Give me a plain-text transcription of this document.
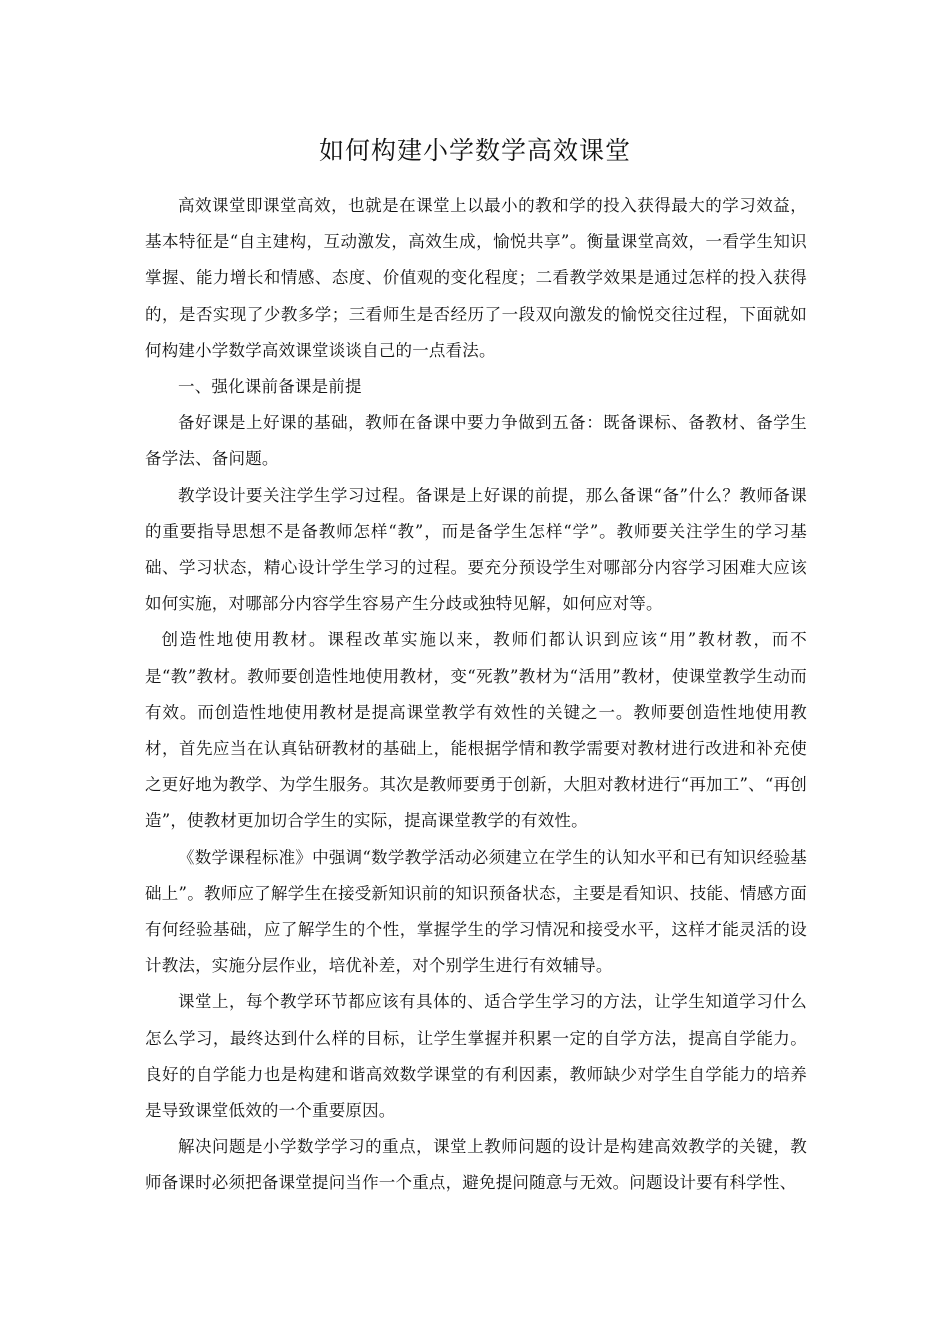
如何构建小学数学高效课堂

高效课堂即课堂高效，也就是在课堂上以最小的教和学的投入获得最大的学习效益，基本特征是“自主建构，互动激发，高效生成，愉悦共享”。衡量课堂高效，一看学生知识掌握、能力增长和情感、态度、价值观的变化程度；二看教学效果是通过怎样的投入获得的，是否实现了少教多学；三看师生是否经历了一段双向激发的愉悦交往过程，下面就如何构建小学数学高效课堂谈谈自己的一点看法。

一、强化课前备课是前提

备好课是上好课的基础，教师在备课中要力争做到五备：既备课标、备教材、备学生备学法、备问题。

教学设计要关注学生学习过程。备课是上好课的前提，那么备课“备”什么？教师备课的重要指导思想不是备教师怎样“教”，而是备学生怎样“学”。教师要关注学生的学习基础、学习状态，精心设计学生学习的过程。要充分预设学生对哪部分内容学习困难大应该如何实施，对哪部分内容学生容易产生分歧或独特见解，如何应对等。

创造性地使用教材。课程改革实施以来，教师们都认识到应该“用”教材教，而不是“教”教材。教师要创造性地使用教材，变“死教”教材为“活用”教材，使课堂教学生动而有效。而创造性地使用教材是提高课堂教学有效性的关键之一。教师要创造性地使用教材，首先应当在认真钻研教材的基础上，能根据学情和教学需要对教材进行改进和补充使之更好地为教学、为学生服务。其次是教师要勇于创新，大胆对教材进行“再加工”、“再创造”，使教材更加切合学生的实际，提高课堂教学的有效性。

《数学课程标准》中强调“数学教学活动必须建立在学生的认知水平和已有知识经验基础上”。教师应了解学生在接受新知识前的知识预备状态，主要是看知识、技能、情感方面有何经验基础，应了解学生的个性，掌握学生的学习情况和接受水平，这样才能灵活的设计教法，实施分层作业，培优补差，对个别学生进行有效辅导。

课堂上，每个教学环节都应该有具体的、适合学生学习的方法，让学生知道学习什么怎么学习，最终达到什么样的目标，让学生掌握并积累一定的自学方法，提高自学能力。良好的自学能力也是构建和谐高效数学课堂的有利因素，教师缺少对学生自学能力的培养是导致课堂低效的一个重要原因。

解决问题是小学数学学习的重点，课堂上教师问题的设计是构建高效教学的关键，教师备课时必须把备课堂提问当作一个重点，避免提问随意与无效。问题设计要有科学性、
